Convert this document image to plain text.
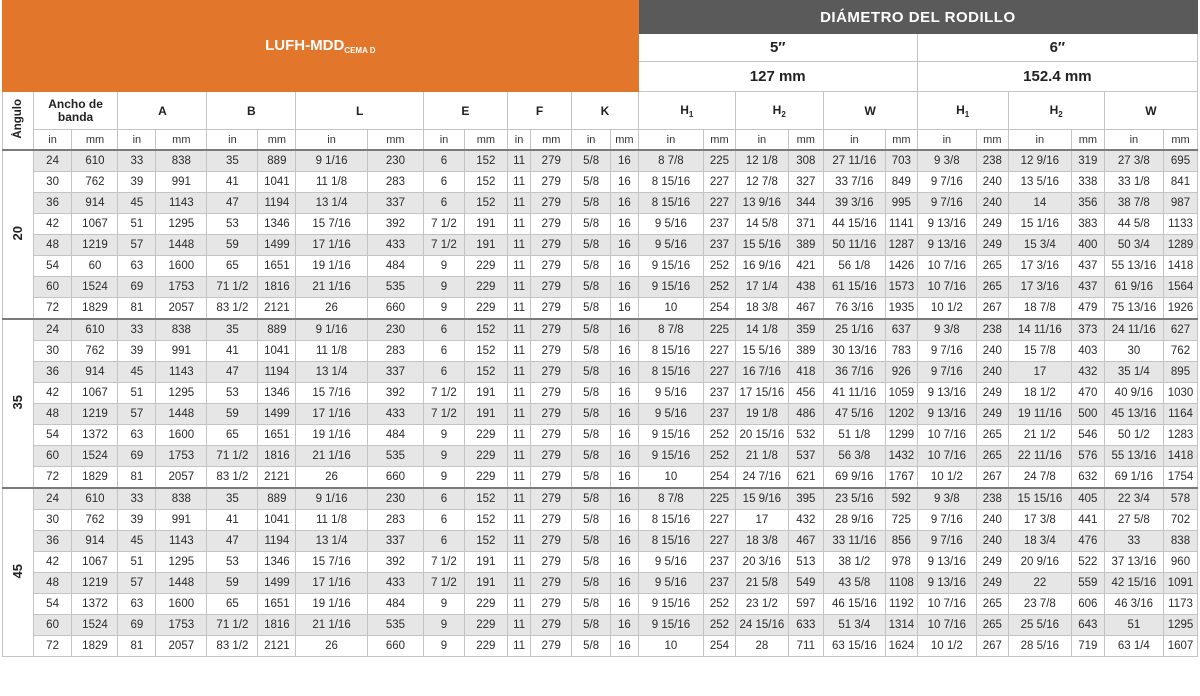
LUFH-$MDD_{CEMA D}$															DIÁMETRO DEL RODILLO											
															5″						6″					
															127 mm						152.4 mm					
Ángulo	Ancho de banda		A		B		L		E		F		K		$H_1$		$H_2$		W		$H_1$		$H_2$		W	
	in	mm	in	mm	in	mm	in	mm	in	mm	in	mm	in	mm	in	mm	in	mm	in	mm	in	mm	in	mm	in	mm
20	24	610	33	838	35	889	9 1/16	230	6	152	11	279	5/8	16	8 7/8	225	12 1/8	308	27 11/16	703	9 3/8	238	12 9/16	319	27 3/8	695
	30	762	39	991	41	1041	11 1/8	283	6	152	11	279	5/8	16	8 15/16	227	12 7/8	327	33 7/16	849	9 7/16	240	13 5/16	338	33 1/8	841
	36	914	45	1143	47	1194	13 1/4	337	6	152	11	279	5/8	16	8 15/16	227	13 9/16	344	39 3/16	995	9 7/16	240	14	356	38 7/8	987
	42	1067	51	1295	53	1346	15 7/16	392	7 1/2	191	11	279	5/8	16	9 5/16	237	14 5/8	371	44 15/16	1141	9 13/16	249	15 1/16	383	44 5/8	1133
	48	1219	57	1448	59	1499	17 1/16	433	7 1/2	191	11	279	5/8	16	9 5/16	237	15 5/16	389	50 11/16	1287	9 13/16	249	15 3/4	400	50 3/4	1289
	54	60	63	1600	65	1651	19 1/16	484	9	229	11	279	5/8	16	9 15/16	252	16 9/16	421	56 1/8	1426	10 7/16	265	17 3/16	437	55 13/16	1418
	60	1524	69	1753	71 1/2	1816	21 1/16	535	9	229	11	279	5/8	16	9 15/16	252	17 1/4	438	61 15/16	1573	10 7/16	265	17 3/16	437	61 9/16	1564
	72	1829	81	2057	83 1/2	2121	26	660	9	229	11	279	5/8	16	10	254	18 3/8	467	76 3/16	1935	10 1/2	267	18 7/8	479	75 13/16	1926
35	24	610	33	838	35	889	9 1/16	230	6	152	11	279	5/8	16	8 7/8	225	14 1/8	359	25 1/16	637	9 3/8	238	14 11/16	373	24 11/16	627
	30	762	39	991	41	1041	11 1/8	283	6	152	11	279	5/8	16	8 15/16	227	15 5/16	389	30 13/16	783	9 7/16	240	15 7/8	403	30	762
	36	914	45	1143	47	1194	13 1/4	337	6	152	11	279	5/8	16	8 15/16	227	16 7/16	418	36 7/16	926	9 7/16	240	17	432	35 1/4	895
	42	1067	51	1295	53	1346	15 7/16	392	7 1/2	191	11	279	5/8	16	9 5/16	237	17 15/16	456	41 11/16	1059	9 13/16	249	18 1/2	470	40 9/16	1030
	48	1219	57	1448	59	1499	17 1/16	433	7 1/2	191	11	279	5/8	16	9 5/16	237	19 1/8	486	47 5/16	1202	9 13/16	249	19 11/16	500	45 13/16	1164
	54	1372	63	1600	65	1651	19 1/16	484	9	229	11	279	5/8	16	9 15/16	252	20 15/16	532	51 1/8	1299	10 7/16	265	21 1/2	546	50 1/2	1283
	60	1524	69	1753	71 1/2	1816	21 1/16	535	9	229	11	279	5/8	16	9 15/16	252	21 1/8	537	56 3/8	1432	10 7/16	265	22 11/16	576	55 13/16	1418
	72	1829	81	2057	83 1/2	2121	26	660	9	229	11	279	5/8	16	10	254	24 7/16	621	69 9/16	1767	10 1/2	267	24 7/8	632	69 1/16	1754
45	24	610	33	838	35	889	9 1/16	230	6	152	11	279	5/8	16	8 7/8	225	15 9/16	395	23 5/16	592	9 3/8	238	15 15/16	405	22 3/4	578
	30	762	39	991	41	1041	11 1/8	283	6	152	11	279	5/8	16	8 15/16	227	17	432	28 9/16	725	9 7/16	240	17 3/8	441	27 5/8	702
	36	914	45	1143	47	1194	13 1/4	337	6	152	11	279	5/8	16	8 15/16	227	18 3/8	467	33 11/16	856	9 7/16	240	18 3/4	476	33	838
	42	1067	51	1295	53	1346	15 7/16	392	7 1/2	191	11	279	5/8	16	9 5/16	237	20 3/16	513	38 1/2	978	9 13/16	249	20 9/16	522	37 13/16	960
	48	1219	57	1448	59	1499	17 1/16	433	7 1/2	191	11	279	5/8	16	9 5/16	237	21 5/8	549	43 5/8	1108	9 13/16	249	22	559	42 15/16	1091
	54	1372	63	1600	65	1651	19 1/16	484	9	229	11	279	5/8	16	9 15/16	252	23 1/2	597	46 15/16	1192	10 7/16	265	23 7/8	606	46 3/16	1173
	60	1524	69	1753	71 1/2	1816	21 1/16	535	9	229	11	279	5/8	16	9 15/16	252	24 15/16	633	51 3/4	1314	10 7/16	265	25 5/16	643	51	1295
	72	1829	81	2057	83 1/2	2121	26	660	9	229	11	279	5/8	16	10	254	28	711	63 15/16	1624	10 1/2	267	28 5/16	719	63 1/4	1607
